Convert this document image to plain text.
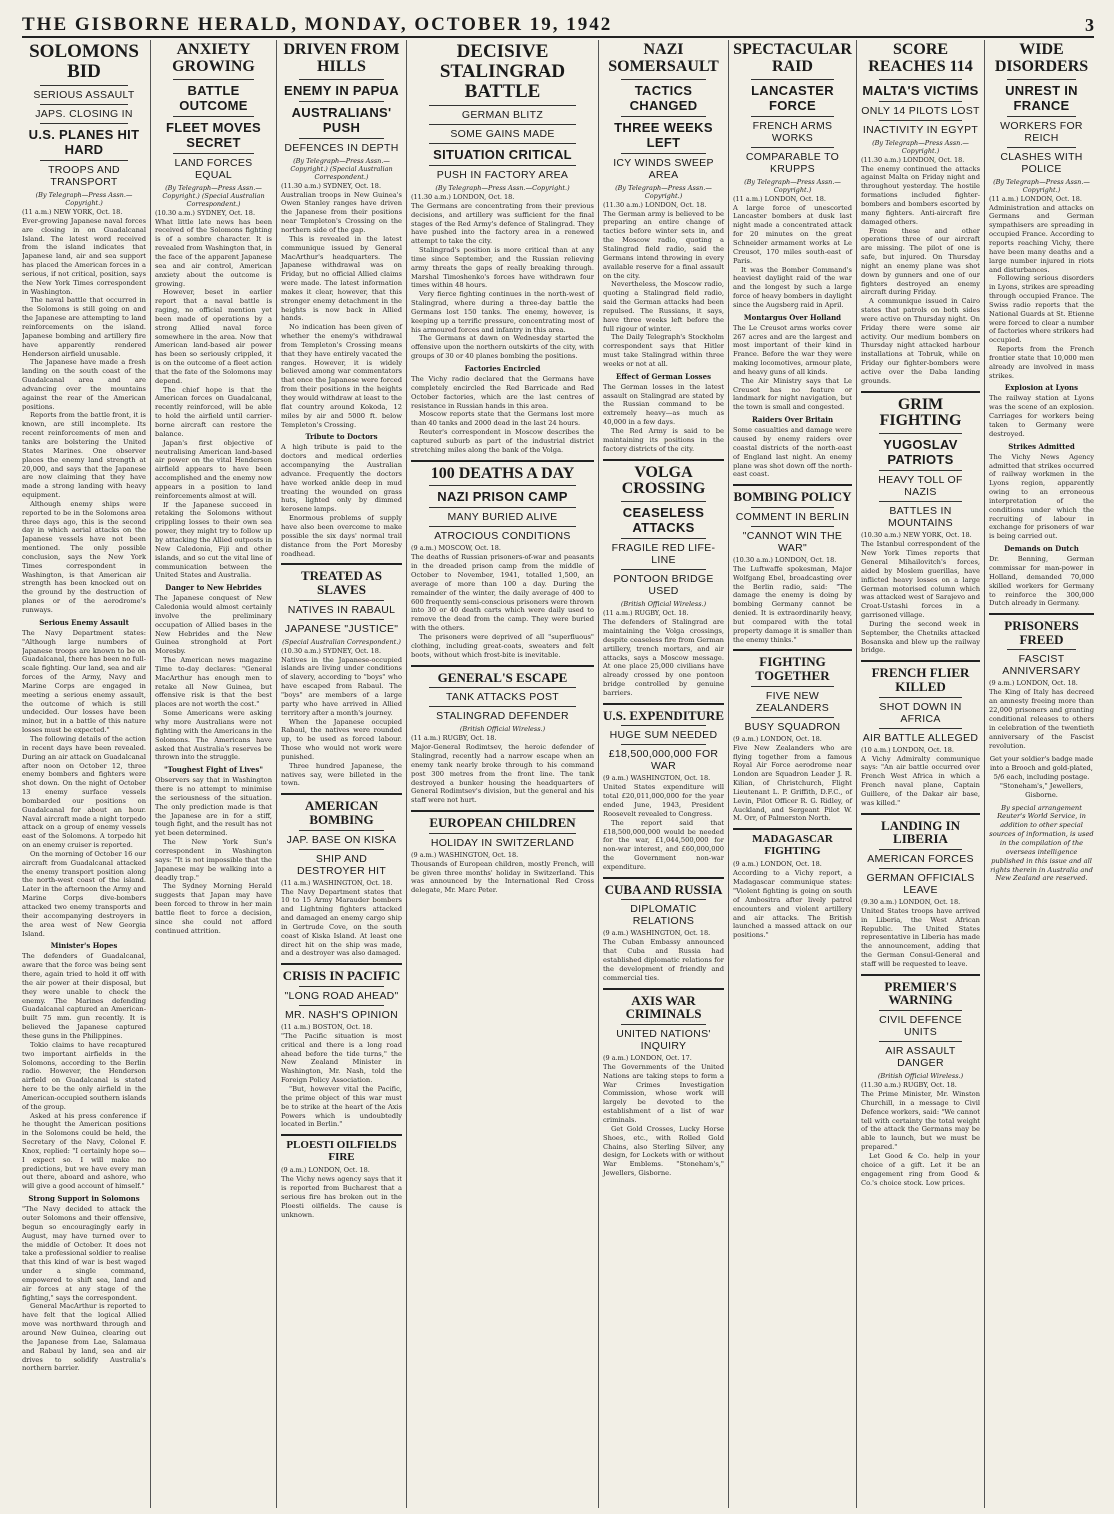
THE GISBORNE HERALD, MONDAY, OCTOBER 19, 1942	3
SOLOMONS BID
SERIOUS ASSAULT
JAPS. CLOSING IN
U.S. PLANES HIT HARD
TROOPS AND TRANSPORT
(By Telegraph—Press Assn.—Copyright.)
(11 a.m.) NEW YORK, Oct. 18.

Ever-growing Japanese naval forces are closing in on Guadalcanal Island. The latest word received from the island indicates that Japanese land, air and sea support has placed the American forces in a serious, if not critical, position, says the New York Times correspondent in Washington.

The naval battle that occurred in the Solomons is still going on and the Japanese are attempting to land reinforcements on the island. Japanese bombing and artillery fire have apparently rendered Henderson airfield unusable.

The Japanese have made a fresh landing on the south coast of the Guadalcanal area and are advancing over the mountains against the rear of the American positions.

Reports from the battle front, it is known, are still incomplete. Its recent reinforcements of men and tanks are bolstering the United States Marines. One observer places the enemy land strength at 20,000, and says that the Japanese are now claiming that they have made a strong landing with heavy equipment.

Although enemy ships were reported to be in the Solomons area three days ago, this is the second day in which aerial attacks on the Japanese vessels have not been mentioned. The only possible conclusion, says the New York Times correspondent in Washington, is that American air strength has been knocked out on the ground by the destruction of planes or of the aerodrome's runways.

Serious Enemy Assault

The Navy Department states: "Although large numbers of Japanese troops are known to be on Guadalcanal, there has been no full-scale fighting. Our land, sea and air forces of the Army, Navy and Marine Corps are engaged in meeting a serious enemy assault, the outcome of which is still undecided. Our losses have been minor, but in a battle of this nature losses must be expected."

The following details of the action in recent days have been revealed. During an air attack on Guadalcanal after noon on October 12, three enemy bombers and fighters were shot down. On the night of October 13 enemy surface vessels bombarded our positions on Guadalcanal for about an hour. Naval aircraft made a night torpedo attack on a group of enemy vessels east of the Solomons. A torpedo hit on an enemy cruiser is reported.

On the morning of October 16 our aircraft from Guadalcanal attacked the enemy transport position along the north-west coast of the island. Later in the afternoon the Army and Marine Corps dive-bombers attacked two enemy transports and their accompanying destroyers in the area west of New Georgia Island.

Minister's Hopes

The defenders of Guadalcanal, aware that the force was being sent there, again tried to hold it off with the air power at their disposal, but they were unable to check the enemy. The Marines defending Guadalcanal captured an American-built 75 mm. gun recently. It is believed the Japanese captured these guns in the Philippines.

Tokio claims to have recaptured two important airfields in the Solomons, according to the Berlin radio. However, the Henderson airfield on Guadalcanal is stated here to be the only airfield in the American-occupied southern islands of the group.

Asked at his press conference if he thought the American positions in the Solomons could be held, the Secretary of the Navy, Colonel F. Knox, replied: "I certainly hope so—I expect so. I will make no predictions, but we have every man out there, aboard and ashore, who will give a good account of himself."

Strong Support in Solomons

"The Navy decided to attack the outer Solomons and their offensive, begun so encouragingly early in August, may have turned over to the middle of October. It does not take a professional soldier to realise that this kind of war is best waged under a single command, empowered to shift sea, land and air forces at any stage of the fighting," says the correspondent.

General MacArthur is reported to have felt that the logical Allied move was northward through and around New Guinea, clearing out the Japanese from Lae, Salamaua and Rabaul by land, sea and air drives to solidify Australia's northern barrier.

ANXIETY GROWING
BATTLE OUTCOME
FLEET MOVES SECRET
LAND FORCES EQUAL
(By Telegraph—Press Assn.—Copyright.) (Special Australian Correspondent.)
(10.30 a.m.) SYDNEY, Oct. 18.

What little late news has been received of the Solomons fighting is of a sombre character. It is revealed from Washington that, in the face of the apparent Japanese sea and air control, American anxiety about the outcome is growing.

However, beset in earlier report that a naval battle is raging, no official mention yet been made of operations by a strong Allied naval force somewhere in the area. Now that American land-based air power has been so seriously crippled, it is on the outcome of a fleet action that the fate of the Solomons may depend.

The chief hope is that the American forces on Guadalcanal, recently reinforced, will be able to hold the airfield until carrier-borne aircraft can restore the balance.

Japan's first objective of neutralising American land-based air power on the vital Henderson airfield appears to have been accomplished and the enemy now appears in a position to land reinforcements almost at will.

If the Japanese succeed in retaking the Solomons without crippling losses to their own sea power, they might try to follow up by attacking the Allied outposts in New Caledonia, Fiji and other islands, and so cut the vital line of communication between the United States and Australia.

Danger to New Hebrides

The Japanese conquest of New Caledonia would almost certainly involve the preliminary occupation of Allied bases in the New Hebrides and the New Guinea stronghold at Port Moresby.

The American news magazine Time to-day declares: "General MacArthur has enough men to retake all New Guinea, but offensive risk is that the best places are not worth the cost."

Some Americans were asking why more Australians were not fighting with the Americans in the Solomons. The Americans have asked that Australia's reserves be thrown into the struggle.

"Toughest Fight of Lives"

Observers say that in Washington there is no attempt to minimise the seriousness of the situation. The only prediction made is that the Japanese are in for a stiff, tough fight, and the result has not yet been determined.

The New York Sun's correspondent in Washington says: "It is not impossible that the Japanese may be walking into a deadly trap."

The Sydney Morning Herald suggests that Japan may have been forced to throw in her main battle fleet to force a decision, since she could not afford continued attrition.

DRIVEN FROM HILLS
ENEMY IN PAPUA
AUSTRALIANS' PUSH
DEFENCES IN DEPTH
(By Telegraph—Press Assn.—Copyright.) (Special Australian Correspondent.)
(11.30 a.m.) SYDNEY, Oct. 18.

Australian troops in New Guinea's Owen Stanley ranges have driven the Japanese from their positions near Templeton's Crossing on the northern side of the gap.

This is revealed in the latest communique issued by General MacArthur's headquarters. The Japanese withdrawal was on Friday, but no official Allied claims were made. The latest information makes it clear, however, that this stronger enemy detachment in the heights is now back in Allied hands.

No indication has been given of whether the enemy's withdrawal from Templeton's Crossing means that they have entirely vacated the ranges. However, it is widely believed among war commentators that once the Japanese were forced from their positions in the heights they would withdraw at least to the flat country around Kokoda, 12 miles by air and 5000 ft. below Templeton's Crossing.

Tribute to Doctors

A high tribute is paid to the doctors and medical orderlies accompanying the Australian advance. Frequently the doctors have worked ankle deep in mud treating the wounded on grass huts, lighted only by dimmed kerosene lamps.

Enormous problems of supply have also been overcome to make possible the six days' normal trail distance from the Port Moresby roadhead.

TREATED AS SLAVES
NATIVES IN RABAUL
JAPANESE "JUSTICE"
(Special Australian Correspondent.)
(10.30 a.m.) SYDNEY, Oct. 18.

Natives in the Japanese-occupied islands are living under conditions of slavery, according to "boys" who have escaped from Rabaul. The "boys" are members of a large party who have arrived in Allied territory after a month's journey.

When the Japanese occupied Rabaul, the natives were rounded up, to be used as forced labour. Those who would not work were punished.

Three hundred Japanese, the natives say, were billeted in the town.

AMERICAN BOMBING
JAP. BASE ON KISKA
SHIP AND DESTROYER HIT
(11 a.m.) WASHINGTON, Oct. 18.

The Navy Department states that 10 to 15 Army Marauder bombers and Lightning fighters attacked and damaged an enemy cargo ship in Gertrude Cove, on the south coast of Kiska Island. At least one direct hit on the ship was made, and a destroyer was also damaged.

CRISIS IN PACIFIC
"LONG ROAD AHEAD"
MR. NASH'S OPINION
(11 a.m.) BOSTON, Oct. 18.

"The Pacific situation is most critical and there is a long road ahead before the tide turns," the New Zealand Minister in Washington, Mr. Nash, told the Foreign Policy Association.

"But, however vital the Pacific, the prime object of this war must be to strike at the heart of the Axis Powers which is undoubtedly located in Berlin."

PLOESTI OILFIELDS FIRE
(9 a.m.) LONDON, Oct. 18.

The Vichy news agency says that it is reported from Bucharest that a serious fire has broken out in the Ploesti oilfields. The cause is unknown.

DECISIVE STALINGRAD BATTLE
GERMAN BLITZ
SOME GAINS MADE
SITUATION CRITICAL
PUSH IN FACTORY AREA
(By Telegraph—Press Assn.—Copyright.)
(11.30 a.m.) LONDON, Oct. 18.

The Germans are concentrating from their previous decisions, and artillery was sufficient for the final stages of the Red Army's defence of Stalingrad. They have pushed into the factory area in a renewed attempt to take the city.

Stalingrad's position is more critical than at any time since September, and the Russian relieving army threats the gaps of really breaking through. Marshal Timoshenko's forces have withdrawn four times within 48 hours.

Very fierce fighting continues in the north-west of Stalingrad, where during a three-day battle the Germans lost 150 tanks. The enemy, however, is keeping up a terrific pressure, concentrating most of his armoured forces and infantry in this area.

The Germans at dawn on Wednesday started the offensive upon the northern outskirts of the city, with groups of 30 or 40 planes bombing the positions.

Factories Encircled

The Vichy radio declared that the Germans have completely encircled the Red Barricade and Red October factories, which are the last centres of resistance in Russian hands in this area.

Moscow reports state that the Germans lost more than 40 tanks and 2000 dead in the last 24 hours.

Reuter's correspondent in Moscow describes the captured suburb as part of the industrial district stretching miles along the bank of the Volga.

100 DEATHS A DAY
NAZI PRISON CAMP
MANY BURIED ALIVE
ATROCIOUS CONDITIONS
(9 a.m.) MOSCOW, Oct. 18.

The deaths of Russian prisoners-of-war and peasants in the dreaded prison camp from the middle of October to November, 1941, totalled 1,500, an average of more than 100 a day. During the remainder of the winter, the daily average of 400 to 600 frequently semi-conscious prisoners were thrown into 30 or 40 death carts which were daily used to remove the dead from the camp. They were buried with the others.

The prisoners were deprived of all "superfluous" clothing, including great-coats, sweaters and felt boots, without which frost-bite is inevitable.

GENERAL'S ESCAPE
TANK ATTACKS POST
STALINGRAD DEFENDER
(British Official Wireless.)
(11 a.m.) RUGBY, Oct. 18.

Major-General Rodimtsev, the heroic defender of Stalingrad, recently had a narrow escape when an enemy tank nearly broke through to his command post 300 metres from the front line. The tank destroyed a bunker housing the headquarters of General Rodimtsev's division, but the general and his staff were not hurt.

EUROPEAN CHILDREN
HOLIDAY IN SWITZERLAND
(9 a.m.) WASHINGTON, Oct. 18.

Thousands of European children, mostly French, will be given three months' holiday in Switzerland. This was announced by the International Red Cross delegate, Mr. Marc Peter.

NAZI SOMERSAULT
TACTICS CHANGED
THREE WEEKS LEFT
ICY WINDS SWEEP AREA
(By Telegraph—Press Assn.—Copyright.)
(11.30 a.m.) LONDON, Oct. 18.

The German army is believed to be preparing an entire change of tactics before winter sets in, and the Moscow radio, quoting a Stalingrad field radio, said the Germans intend throwing in every available reserve for a final assault on the city.

Nevertheless, the Moscow radio, quoting a Stalingrad field radio, said the German attacks had been repulsed. The Russians, it says, have three weeks left before the full rigour of winter.

The Daily Telegraph's Stockholm correspondent says that Hitler must take Stalingrad within three weeks or not at all.

Effect of German Losses

The German losses in the latest assault on Stalingrad are stated by the Russian command to be extremely heavy—as much as 40,000 in a few days.

The Red Army is said to be maintaining its positions in the factory districts of the city.

VOLGA CROSSING
CEASELESS ATTACKS
FRAGILE RED LIFE-LINE
PONTOON BRIDGE USED
(British Official Wireless.)
(11 a.m.) RUGBY, Oct. 18.

The defenders of Stalingrad are maintaining the Volga crossings, despite ceaseless fire from German artillery, trench mortars, and air attacks, says a Moscow message. At one place 25,000 civilians have already crossed by one pontoon bridge controlled by genuine barriers.

U.S. EXPENDITURE
HUGE SUM NEEDED
£18,500,000,000 FOR WAR
(9 a.m.) WASHINGTON, Oct. 18.

United States expenditure will total £20,011,000,000 for the year ended June, 1943, President Roosevelt revealed to Congress.

The report said that £18,500,000,000 would be needed for the war, £1,044,500,000 for non-war interest, and £60,000,000 the Government non-war expenditure.

CUBA AND RUSSIA
DIPLOMATIC RELATIONS
(9 a.m.) WASHINGTON, Oct. 18.

The Cuban Embassy announced that Cuba and Russia had established diplomatic relations for the development of friendly and commercial ties.

AXIS WAR CRIMINALS
UNITED NATIONS' INQUIRY
(9 a.m.) LONDON, Oct. 17.

The Governments of the United Nations are taking steps to form a War Crimes Investigation Commission, whose work will largely be devoted to the establishment of a list of war criminals.

Get Gold Crosses, Lucky Horse Shoes, etc., with Rolled Gold Chains, also Sterling Silver, any design, for Lockets with or without War Emblems. "Stoneham's," Jewellers, Gisborne.

SPECTACULAR RAID
LANCASTER FORCE
FRENCH ARMS WORKS
COMPARABLE TO KRUPPS
(By Telegraph—Press Assn.—Copyright.)
(11 a.m.) LONDON, Oct. 18.

A large force of unescorted Lancaster bombers at dusk last night made a concentrated attack for 20 minutes on the great Schneider armament works at Le Creusot, 170 miles south-east of Paris.

It was the Bomber Command's heaviest daylight raid of the war and the longest by such a large force of heavy bombers in daylight since the Augsberg raid in April.

Montargus Over Holland

The Le Creusot arms works cover 267 acres and are the largest and most important of their kind in France. Before the war they were making locomotives, armour plate, and heavy guns of all kinds.

The Air Ministry says that Le Creusot has no feature or landmark for night navigation, but the town is small and congested.

Raiders Over Britain

Some casualties and damage were caused by enemy raiders over coastal districts of the north-east of England last night. An enemy plane was shot down off the north-east coast.

BOMBING POLICY
COMMENT IN BERLIN
"CANNOT WIN THE WAR"
(10.30 a.m.) LONDON, Oct. 18.

The Luftwaffe spokesman, Major Wolfgang Ebel, broadcasting over the Berlin radio, said: "The damage the enemy is doing by bombing Germany cannot be denied. It is extraordinarily heavy, but compared with the total property damage it is smaller than the enemy thinks."

FIGHTING TOGETHER
FIVE NEW ZEALANDERS
BUSY SQUADRON
(9 a.m.) LONDON, Oct. 18.

Five New Zealanders who are flying together from a famous Royal Air Force aerodrome near London are Squadron Leader J. R. Kilian, of Christchurch, Flight Lieutenant L. P. Griffith, D.F.C., of Levin, Pilot Officer R. G. Ridley, of Auckland, and Sergeant Pilot W. M. Orr, of Palmerston North.

MADAGASCAR FIGHTING
(9 a.m.) LONDON, Oct. 18.

According to a Vichy report, a Madagascar communique states: "Violent fighting is going on south of Ambositra after lively patrol encounters and violent artillery and air attacks. The British launched a massed attack on our positions."

SCORE REACHES 114
MALTA'S VICTIMS
ONLY 14 PILOTS LOST
INACTIVITY IN EGYPT
(By Telegraph—Press Assn.—Copyright.)
(11.30 a.m.) LONDON, Oct. 18.

The enemy continued the attacks against Malta on Friday night and throughout yesterday. The hostile formations included fighter-bombers and bombers escorted by many fighters. Anti-aircraft fire damaged others.

From these and other operations three of our aircraft are missing. The pilot of one is safe, but injured. On Thursday night an enemy plane was shot down by gunners and one of our fighters destroyed an enemy aircraft during Friday.

A communique issued in Cairo states that patrols on both sides were active on Thursday night. On Friday there were some air activity. Our medium bombers on Thursday night attacked harbour installations at Tobruk, while on Friday our fighter-bombers were active over the Daba landing grounds.

GRIM FIGHTING
YUGOSLAV PATRIOTS
HEAVY TOLL OF NAZIS
BATTLES IN MOUNTAINS
(10.30 a.m.) NEW YORK, Oct. 18.

The Istanbul correspondent of the New York Times reports that General Mihailovitch's forces, aided by Moslem guerillas, have inflicted heavy losses on a large German motorised column which was attacked west of Sarajevo and Croat-Ustashi forces in a garrisoned village.

During the second week in September, the Chetniks attacked Bosanska and blew up the railway bridge.

FRENCH FLIER KILLED
SHOT DOWN IN AFRICA
AIR BATTLE ALLEGED
(10 a.m.) LONDON, Oct. 18.

A Vichy Admiralty communique says: "An air battle occurred over French West Africa in which a French naval plane, Captain Guillere, of the Dakar air base, was killed."

LANDING IN LIBERIA
AMERICAN FORCES
GERMAN OFFICIALS LEAVE
(9.30 a.m.) LONDON, Oct. 18.

United States troops have arrived in Liberia, the West African Republic. The United States representative in Liberia has made the announcement, adding that the German Consul-General and staff will be requested to leave.

PREMIER'S WARNING
CIVIL DEFENCE UNITS
AIR ASSAULT DANGER
(British Official Wireless.)
(11.30 a.m.) RUGBY, Oct. 18.

The Prime Minister, Mr. Winston Churchill, in a message to Civil Defence workers, said: "We cannot tell with certainty the total weight of the attack the Germans may be able to launch, but we must be prepared."

Let Good & Co. help in your choice of a gift. Let it be an engagement ring from Good & Co.'s choice stock. Low prices.

WIDE DISORDERS
UNREST IN FRANCE
WORKERS FOR REICH
CLASHES WITH POLICE
(By Telegraph—Press Assn.—Copyright.)
(11 a.m.) LONDON, Oct. 18.

Administration and attacks on Germans and German sympathisers are spreading in occupied France. According to reports reaching Vichy, there have been many deaths and a large number injured in riots and disturbances.

Following serious disorders in Lyons, strikes are spreading through occupied France. The Swiss radio reports that the National Guards at St. Etienne were forced to clear a number of factories where strikers had occupied.

Reports from the French frontier state that 10,000 men already are involved in mass strikes.

Explosion at Lyons

The railway station at Lyons was the scene of an explosion. Carriages for workers being taken to Germany were destroyed.

Strikes Admitted

The Vichy News Agency admitted that strikes occurred of railway workmen in the Lyons region, apparently owing to an erroneous interpretation of the conditions under which the recruiting of labour in exchange for prisoners of war is being carried out.

Demands on Dutch

Dr. Benning, German commissar for man-power in Holland, demanded 70,000 skilled workers for Germany to reinforce the 300,000 Dutch already in Germany.

PRISONERS FREED
FASCIST ANNIVERSARY
(9 a.m.) LONDON, Oct. 18.

The King of Italy has decreed an amnesty freeing more than 22,000 prisoners and granting conditional releases to others in celebration of the twentieth anniversary of the Fascist revolution.

Get your soldier's badge made into a Brooch and gold-plated, 5/6 each, including postage. "Stoneham's," Jewellers, Gisborne.
By special arrangement Reuter's World Service, in addition to other special sources of information, is used in the compilation of the overseas intelligence published in this issue and all rights therein in Australia and New Zealand are reserved.
